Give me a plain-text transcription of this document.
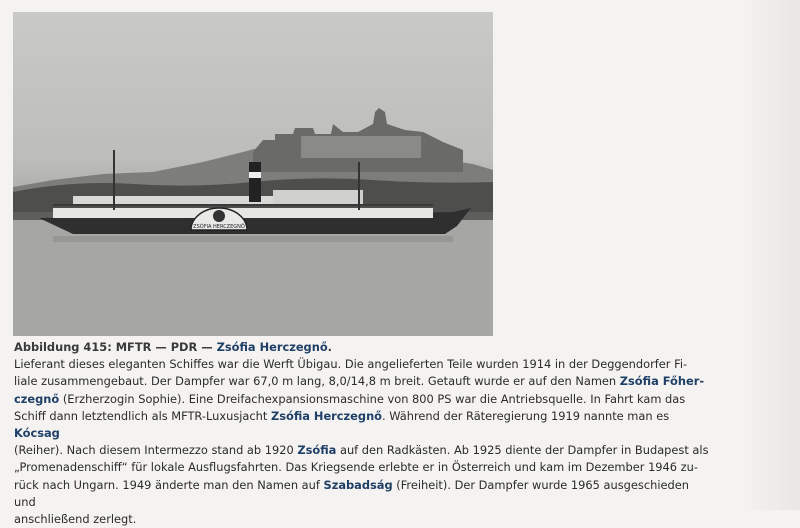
ZSÓFIA HERCZEGNŐ

Abbildung 415: MFTR — PDR — Zsófia Herczegnő.

Lieferant dieses eleganten Schiffes war die Werft Übigau. Die angelieferten Teile wurden 1914 in der Deggendorfer Fi-

liale zusammengebaut. Der Dampfer war 67,0 m lang, 8,0/14,8 m breit. Getauft wurde er auf den Namen Zsófia Főher-

czegnő (Erzherzogin Sophie). Eine Dreifachexpansionsmaschine von 800 PS war die Antriebsquelle. In Fahrt kam das

Schiff dann letztendlich als MFTR-Luxusjacht Zsófia Herczegnő. Während der Räteregierung 1919 nannte man es Kócsag

(Reiher). Nach diesem Intermezzo stand ab 1920 Zsófia auf den Radkästen. Ab 1925 diente der Dampfer in Budapest als

„Promenadenschiff“ für lokale Ausflugsfahrten. Das Kriegsende erlebte er in Österreich und kam im Dezember 1946 zu-

rück nach Ungarn. 1949 änderte man den Namen auf Szabadság (Freiheit). Der Dampfer wurde 1965 ausgeschieden und

anschließend zerlegt.
